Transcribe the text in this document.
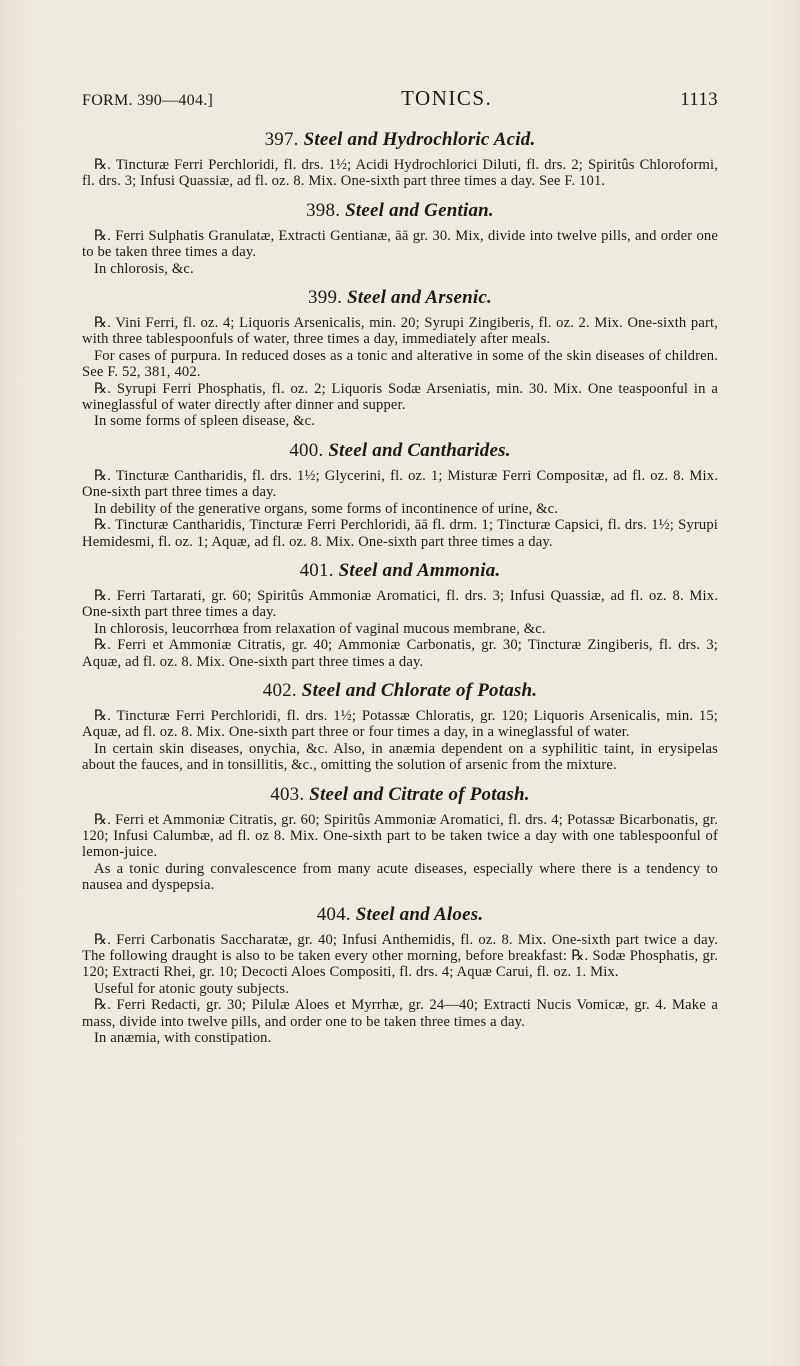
FORM. 390—404.]	TONICS.	1113
397. Steel and Hydrochloric Acid.

℞. Tincturæ Ferri Perchloridi, fl. drs. 1½; Acidi Hydrochlorici Diluti, fl. drs. 2; Spiritûs Chloroformi, fl. drs. 3; Infusi Quassiæ, ad fl. oz. 8. Mix. One-sixth part three times a day. See F. 101.

398. Steel and Gentian.

℞. Ferri Sulphatis Granulatæ, Extracti Gentianæ, āā gr. 30. Mix, divide into twelve pills, and order one to be taken three times a day.

In chlorosis, &c.

399. Steel and Arsenic.

℞. Vini Ferri, fl. oz. 4; Liquoris Arsenicalis, min. 20; Syrupi Zingiberis, fl. oz. 2. Mix. One-sixth part, with three tablespoonfuls of water, three times a day, immediately after meals.

For cases of purpura. In reduced doses as a tonic and alterative in some of the skin diseases of children. See F. 52, 381, 402.

℞. Syrupi Ferri Phosphatis, fl. oz. 2; Liquoris Sodæ Arseniatis, min. 30. Mix. One teaspoonful in a wineglassful of water directly after dinner and supper.

In some forms of spleen disease, &c.

400. Steel and Cantharides.

℞. Tincturæ Cantharidis, fl. drs. 1½; Glycerini, fl. oz. 1; Misturæ Ferri Compositæ, ad fl. oz. 8. Mix. One-sixth part three times a day.

In debility of the generative organs, some forms of incontinence of urine, &c.

℞. Tincturæ Cantharidis, Tincturæ Ferri Perchloridi, āā fl. drm. 1; Tincturæ Capsici, fl. drs. 1½; Syrupi Hemidesmi, fl. oz. 1; Aquæ, ad fl. oz. 8. Mix. One-sixth part three times a day.

401. Steel and Ammonia.

℞. Ferri Tartarati, gr. 60; Spiritûs Ammoniæ Aromatici, fl. drs. 3; Infusi Quassiæ, ad fl. oz. 8. Mix. One-sixth part three times a day.

In chlorosis, leucorrhœa from relaxation of vaginal mucous membrane, &c.

℞. Ferri et Ammoniæ Citratis, gr. 40; Ammoniæ Carbonatis, gr. 30; Tincturæ Zingiberis, fl. drs. 3; Aquæ, ad fl. oz. 8. Mix. One-sixth part three times a day.

402. Steel and Chlorate of Potash.

℞. Tincturæ Ferri Perchloridi, fl. drs. 1½; Potassæ Chloratis, gr. 120; Liquoris Arsenicalis, min. 15; Aquæ, ad fl. oz. 8. Mix. One-sixth part three or four times a day, in a wineglassful of water.

In certain skin diseases, onychia, &c. Also, in anæmia dependent on a syphilitic taint, in erysipelas about the fauces, and in tonsillitis, &c., omitting the solution of arsenic from the mixture.

403. Steel and Citrate of Potash.

℞. Ferri et Ammoniæ Citratis, gr. 60; Spiritûs Ammoniæ Aromatici, fl. drs. 4; Potassæ Bicarbonatis, gr. 120; Infusi Calumbæ, ad fl. oz 8. Mix. One-sixth part to be taken twice a day with one tablespoonful of lemon-juice.

As a tonic during convalescence from many acute diseases, especially where there is a tendency to nausea and dyspepsia.

404. Steel and Aloes.

℞. Ferri Carbonatis Saccharatæ, gr. 40; Infusi Anthemidis, fl. oz. 8. Mix. One-sixth part twice a day. The following draught is also to be taken every other morning, before breakfast: ℞. Sodæ Phosphatis, gr. 120; Extracti Rhei, gr. 10; Decocti Aloes Compositi, fl. drs. 4; Aquæ Carui, fl. oz. 1. Mix.

Useful for atonic gouty subjects.

℞. Ferri Redacti, gr. 30; Pilulæ Aloes et Myrrhæ, gr. 24—40; Extracti Nucis Vomicæ, gr. 4. Make a mass, divide into twelve pills, and order one to be taken three times a day.

In anæmia, with constipation.
